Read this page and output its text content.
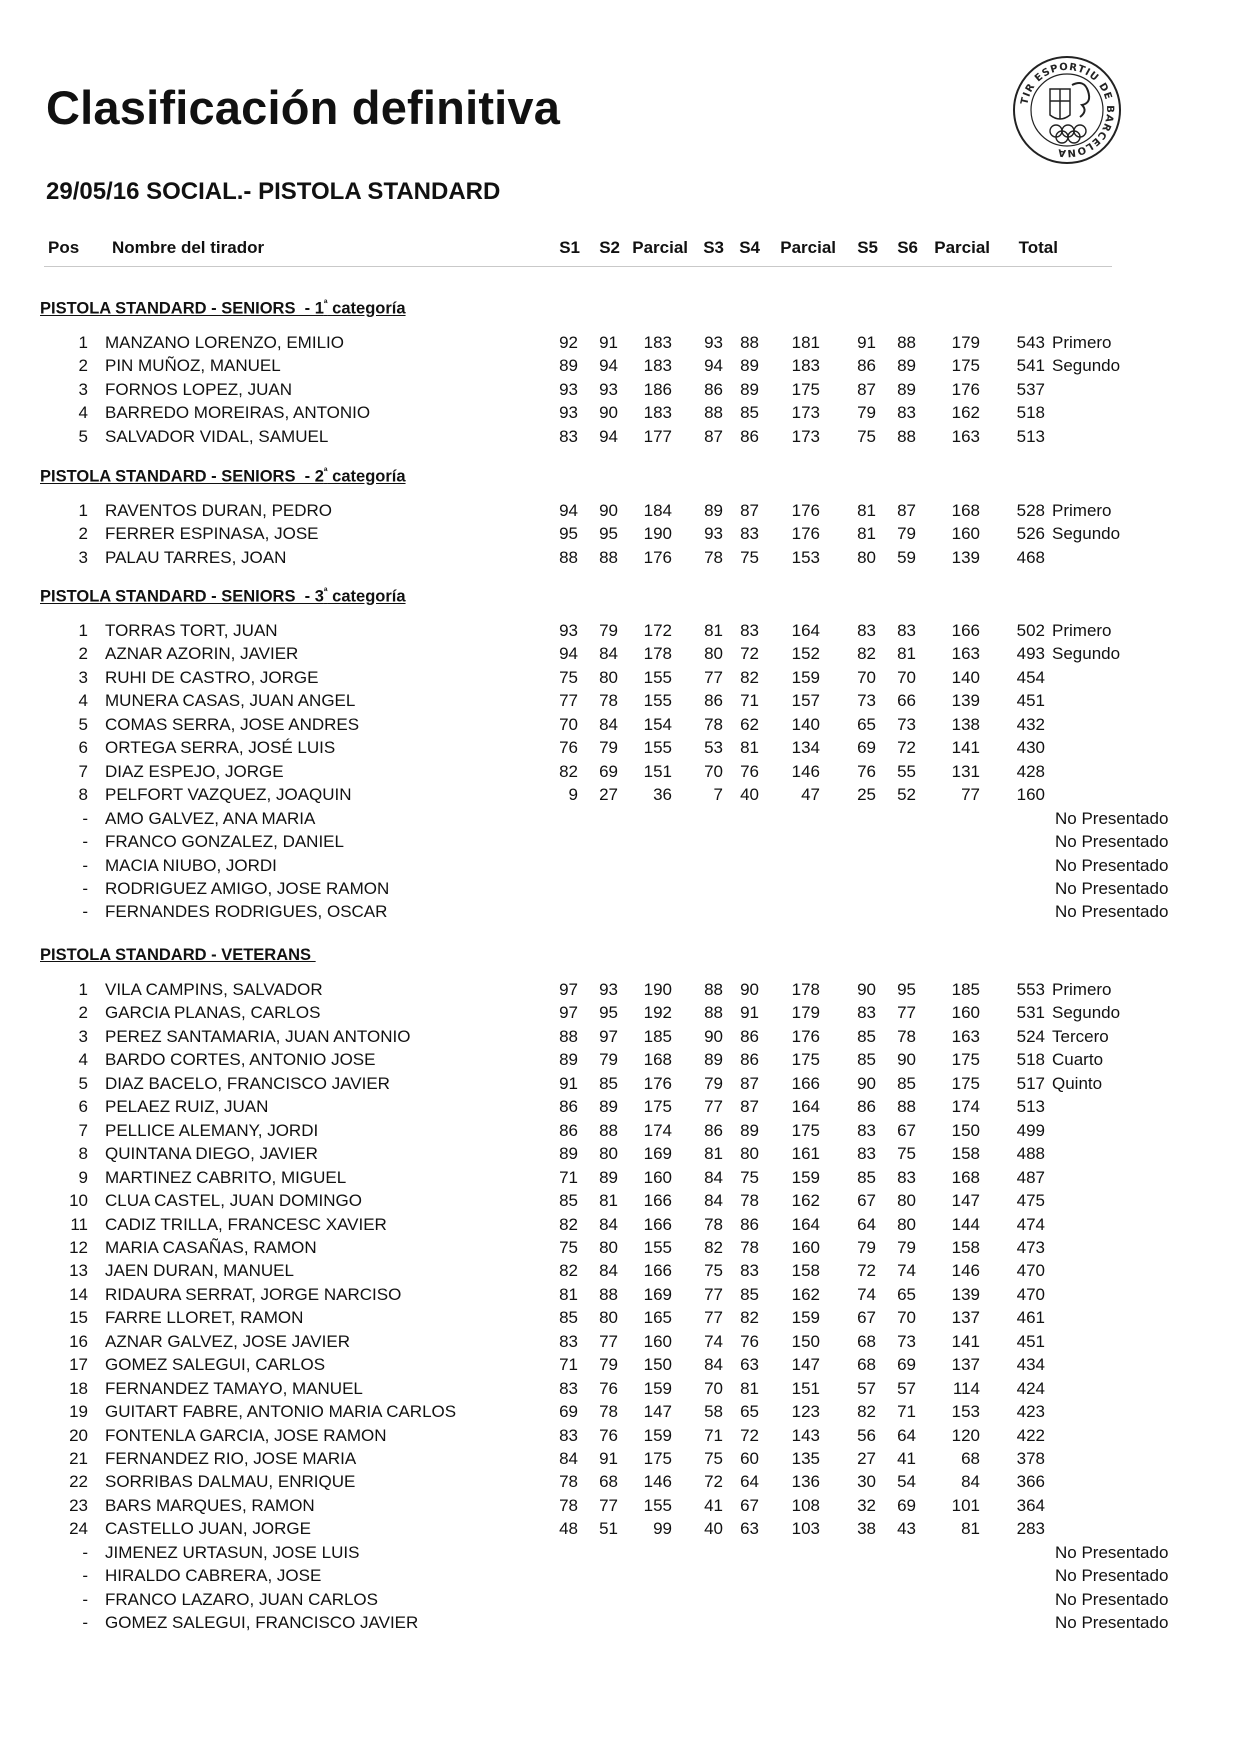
Clasificación definitiva
29/05/16 SOCIAL.- PISTOLA STANDARD
TIR ESPORTIU DE BARCELONA
Pos Nombre del tirador	S1	S2 Parcial S3 S4	Parcial	S5	S6 Parcial	Total
PISTOLA STANDARD - SENIORS  - $1^ª$ categoría
1 MANZANO LORENZO, EMILIO	92	91	183	93	88	181	91	88	179	543 Primero
2 PIN MUÑOZ, MANUEL	89	94	183	94	89	183	86	89	175	541 Segundo
3 FORNOS LOPEZ, JUAN	93	93	186	86	89	175	87	89	176	537
4 BARREDO MOREIRAS, ANTONIO	93	90	183	88	85	173	79	83	162	518
5 SALVADOR VIDAL, SAMUEL	83	94	177	87	86	173	75	88	163	513
PISTOLA STANDARD - SENIORS  - $2^ª$ categoría
1 RAVENTOS DURAN, PEDRO	94	90	184	89	87	176	81	87	168	528 Primero
2 FERRER ESPINASA, JOSE	95	95	190	93	83	176	81	79	160	526 Segundo
3 PALAU TARRES, JOAN	88	88	176	78	75	153	80	59	139	468
PISTOLA STANDARD - SENIORS  - $3^ª$ categoría
1 TORRAS TORT, JUAN	93	79	172	81	83	164	83	83	166	502 Primero
2 AZNAR AZORIN, JAVIER	94	84	178	80	72	152	82	81	163	493 Segundo
3 RUHI DE CASTRO, JORGE	75	80	155	77	82	159	70	70	140	454
4 MUNERA CASAS, JUAN ANGEL	77	78	155	86	71	157	73	66	139	451
5 COMAS SERRA, JOSE ANDRES	70	84	154	78	62	140	65	73	138	432
6 ORTEGA SERRA, JOSÉ LUIS	76	79	155	53	81	134	69	72	141	430
7 DIAZ ESPEJO, JORGE	82	69	151	70	76	146	76	55	131	428
8 PELFORT VAZQUEZ, JOAQUIN	9	27	36	7	40	47	25	52	77	160
- AMO GALVEZ, ANA MARIA	No Presentado
- FRANCO GONZALEZ, DANIEL	No Presentado
- MACIA NIUBO, JORDI	No Presentado
- RODRIGUEZ AMIGO, JOSE RAMON	No Presentado
- FERNANDES RODRIGUES, OSCAR	No Presentado
PISTOLA STANDARD - VETERANS
1 VILA CAMPINS, SALVADOR	97	93	190	88	90	178	90	95	185	553 Primero
2 GARCIA PLANAS, CARLOS	97	95	192	88	91	179	83	77	160	531 Segundo
3 PEREZ SANTAMARIA, JUAN ANTONIO	88	97	185	90	86	176	85	78	163	524 Tercero
4 BARDO CORTES, ANTONIO JOSE	89	79	168	89	86	175	85	90	175	518 Cuarto
5 DIAZ BACELO, FRANCISCO JAVIER	91	85	176	79	87	166	90	85	175	517 Quinto
6 PELAEZ RUIZ, JUAN	86	89	175	77	87	164	86	88	174	513
7 PELLICE ALEMANY, JORDI	86	88	174	86	89	175	83	67	150	499
8 QUINTANA DIEGO, JAVIER	89	80	169	81	80	161	83	75	158	488
9 MARTINEZ CABRITO, MIGUEL	71	89	160	84	75	159	85	83	168	487
10 CLUA CASTEL, JUAN DOMINGO	85	81	166	84	78	162	67	80	147	475
11 CADIZ TRILLA, FRANCESC XAVIER	82	84	166	78	86	164	64	80	144	474
12 MARIA CASAÑAS, RAMON	75	80	155	82	78	160	79	79	158	473
13 JAEN DURAN, MANUEL	82	84	166	75	83	158	72	74	146	470
14 RIDAURA SERRAT, JORGE NARCISO	81	88	169	77	85	162	74	65	139	470
15 FARRE LLORET, RAMON	85	80	165	77	82	159	67	70	137	461
16 AZNAR GALVEZ, JOSE JAVIER	83	77	160	74	76	150	68	73	141	451
17 GOMEZ SALEGUI, CARLOS	71	79	150	84	63	147	68	69	137	434
18 FERNANDEZ TAMAYO, MANUEL	83	76	159	70	81	151	57	57	114	424
19 GUITART FABRE, ANTONIO MARIA CARLOS	69	78	147	58	65	123	82	71	153	423
20 FONTENLA GARCIA, JOSE RAMON	83	76	159	71	72	143	56	64	120	422
21 FERNANDEZ RIO, JOSE MARIA	84	91	175	75	60	135	27	41	68	378
22 SORRIBAS DALMAU, ENRIQUE	78	68	146	72	64	136	30	54	84	366
23 BARS MARQUES, RAMON	78	77	155	41	67	108	32	69	101	364
24 CASTELLO JUAN, JORGE	48	51	99	40	63	103	38	43	81	283
- JIMENEZ URTASUN, JOSE LUIS	No Presentado
- HIRALDO CABRERA, JOSE	No Presentado
- FRANCO LAZARO, JUAN CARLOS	No Presentado
- GOMEZ SALEGUI, FRANCISCO JAVIER	No Presentado
